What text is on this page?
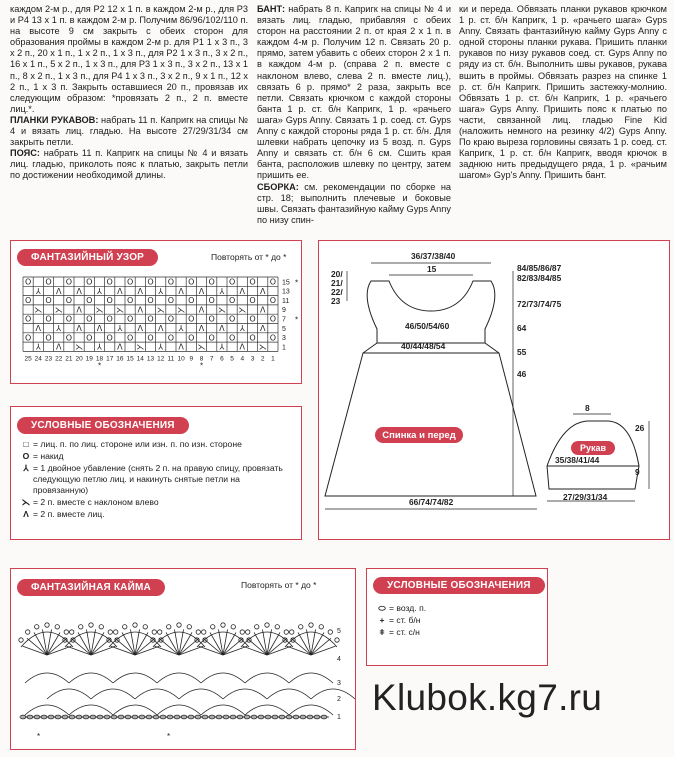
каждом 2-м р., для Р2 12 х 1 п. в каждом 2-м р., для Р3 и Р4 13 х 1 п. в каждом 2-м р. Получим 86/96/102/110 п. на высоте 9 см закрыть с обеих сторон для образования проймы в каждом 2-м р. для Р1 1 х 3 п., 3 х 2 п., 20 х 1 п., 1 х 2 п., 1 х 3 п., для Р2 1 х 3 п., 3 х 2 п., 16 х 1 п., 5 х 2 п., 1 х 3 п., для Р3 1 х 3 п., 3 х 2 п., 13 х 1 п., 8 х 2 п., 1 х 3 п., для Р4 1 х 3 п., 3 х 2 п., 9 х 1 п., 12 х 2 п., 1 х 3 п. Закрыть оставшиеся 20 п., провязав их следующим образом: *провязать 2 п., 2 п. вместе лиц.*.

ПЛАНКИ РУКАВОВ: набрать 11 п. Капригк на спицы № 4 и вязать лиц. гладью. На высоте 27/29/31/34 см закрыть петли.

ПОЯС: набрать 11 п. Капригк на спицы № 4 и вязать лиц. гладью, приколоть пояс к платью, закрыть петли по достижении необходимой длины.

БАНТ: набрать 8 п. Капригк на спицы № 4 и вязать лиц. гладью, прибавляя с обеих сторон на расстоянии 2 п. от края 2 х 1 п. в каждом 4-м р. Получим 12 п. Связать 20 р. прямо, затем убавить с обеих сторон 2 х 1 п. в каждом 4-м р. (справа 2 п. вместе с наклоном влево, слева 2 п. вместе лиц.), связать 6 р. прямо* 2 раза, закрыть все петли. Связать крючком с каждой стороны банта 1 р. ст. б/н Капригк, 1 р. «рачьего шага» Gyps Anny. Связать 1 р. соед. ст. Gyps Anny с каждой стороны ряда 1 р. ст. б/н. Для шлевки набрать цепочку из 5 возд. п. Gyps Anny и связать ст. б/н 6 см. Сшить края банта, расположив шлевку по центру, затем пришить ее.

СБОРКА: см. рекомендации по сборке на стр. 18; выполнить плечевые и боковые швы. Связать фантазийную кайму Gyps Anny по низу спин-

ки и переда. Обвязать планки рукавов крючком 1 р. ст. б/н Капригк, 1 р. «рачьего шага» Gyps Anny. Связать фантазийную кайму Gyps Anny с одной стороны планки рукава. Пришить планки рукавов по низу рукавов соед. ст. Gyps Anny по ряду из ст. б/н. Выполнить швы рукавов, рукава вшить в проймы. Обвязать разрез на спинке 1 р. ст. б/н Капригк. Пришить застежку-молнию. Обвязать 1 р. ст. б/н Капригк, 1 р. «рачьего шага» Gyps Anny. Пришить пояс к платью по части, связанной лиц. гладью Fine Kid (наложить немного на резинку 4/2) Gyps Anny. По краю выреза горловины связать 1 р. соед. ст. Капригк, 1 р. ст. б/н Капригк, вводя крючок в заднюю нить предыдущего ряда, 1 р. «рачьим шагом» Gyp's Anny. Пришить бант.

ФАНТАЗИЙНЫЙ УЗОР	Повторять от * до *
O O O O O O O O O O O O O
⅄ Λ Λ ⅄ Λ Λ ⅄ Λ Λ ⅄ Λ Λ
O O O O O O O O O O O O O
⋋ ⋋ Λ ⋋ ⋋ Λ ⋋ ⋋ Λ ⋋ ⋋ Λ
O O O O O O O O O O O O O
Λ ⅄ Λ Λ ⅄ Λ Λ ⅄ Λ Λ ⅄ Λ
O O O O O O O O O O O O O
⅄ Λ ⋋ ⅄ Λ ⋋ ⅄ Λ ⋋ ⅄ Λ ⋋
15
13
11
9
7
5
3
1
25 24 23 22 21 20 19 18 17 16 15 14 13 12 11 10 9 8 7 6 5 4 3 2 1
*	*
*
*
УСЛОВНЫЕ ОБОЗНАЧЕНИЯ
□ = лиц. п. по лиц. стороне или изн. п. по изн. стороне
O = накид
⅄ = 1 двойное убавление (снять 2 п. на правую спицу, провязать следующую петлю лиц. и накинуть снятые петли на провязанную)
⋋ = 2 п. вместе с наклоном влево
Λ = 2 п. вместе лиц.
36/37/38/40
15
20/
21/
22/
23
84/85/86/87
82/83/84/85
72/73/74/75
64
55
46
46/50/54/60
40/44/48/54
66/74/74/82
Спинка и перед
8
26
35/38/41/44
9
27/29/31/34
Рукав
ФАНТАЗИЙНАЯ КАЙМА	Повторять от * до *
5
4
3
2
1
*	*
УСЛОВНЫЕ ОБОЗНАЧЕНИЯ
⬭ = возд. п.
+ = ст. б/н
ǂ = ст. с/н
Klubok.kg7.ru
